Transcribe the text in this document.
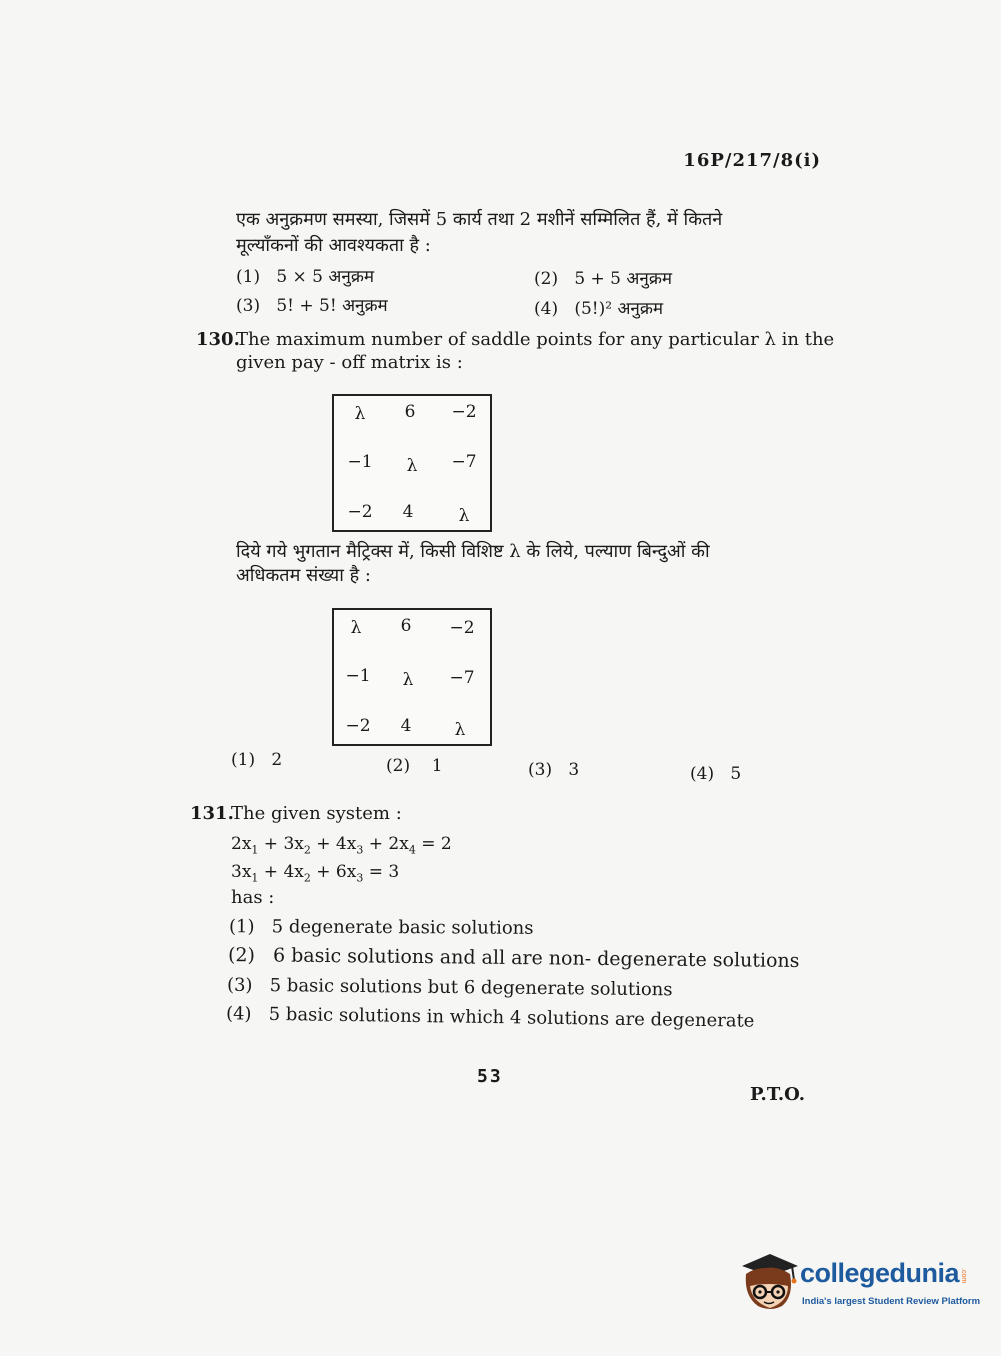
16P/217/8(i)
एक अनुक्रमण समस्या, जिसमें 5 कार्य तथा 2 मशीनें सम्मिलित हैं, में कितने
मूल्याँकनों की आवश्यकता है :
(1) 5 × 5 अनुक्रम	(2) 5 + 5 अनुक्रम
(3) 5! + 5! अनुक्रम	(4) (5!)² अनुक्रम
130.
The maximum number of saddle points for any particular λ in the
given pay - off matrix is :
λ	6	−2
−1	λ	−7
−2	4	λ
दिये गये भुगतान मैट्रिक्स में, किसी विशिष्ट λ के लिये, पल्याण बिन्दुओं की
अधिकतम संख्या है :
λ	6	−2
−1	λ	−7
−2	4	λ
(1) 2	(2) 1	(3) 3	(4) 5
131.
The given system :
$2x_1 + 3x_2 + 4x_3 + 2x_4 = 2$
$3x_1 + 4x_2 + 6x_3 = 3$
has :
(1) 5 degenerate basic solutions
(2) 6 basic solutions and all are non- degenerate solutions
(3) 5 basic solutions but 6 degenerate solutions
(4) 5 basic solutions in which 4 solutions are degenerate
53
P.T.O.
collegedunia .com
India's largest Student Review Platform
